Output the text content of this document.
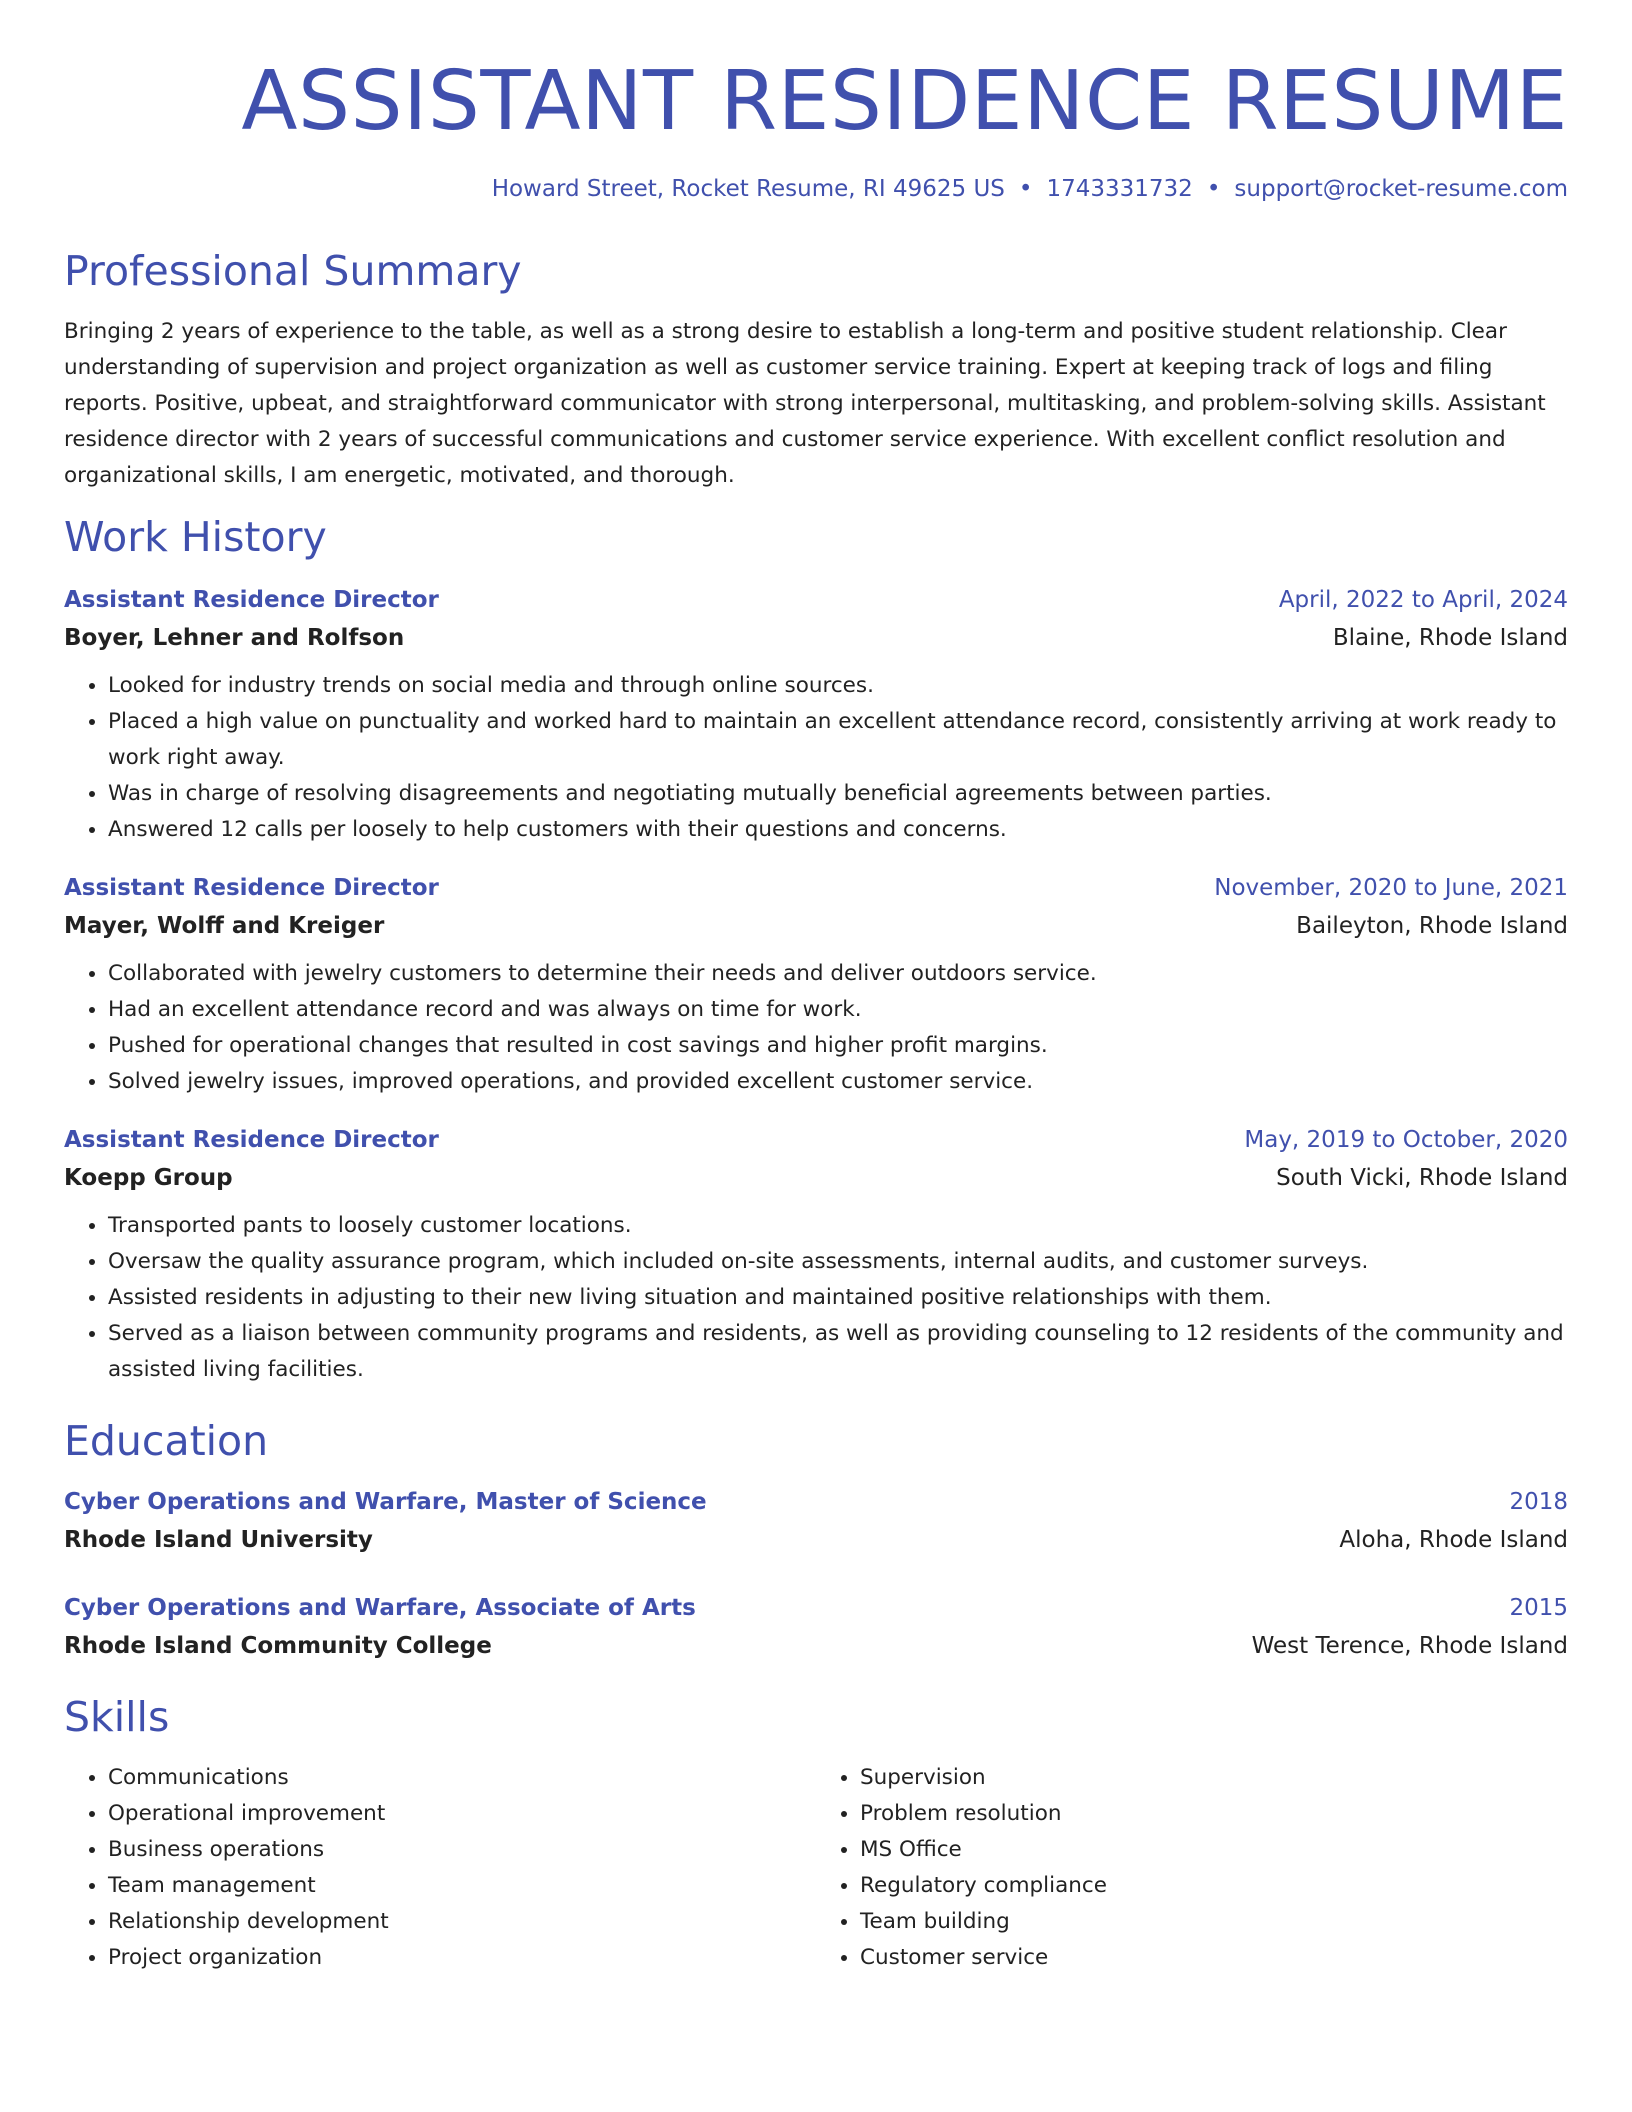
ASSISTANT RESIDENCE RESUME
Howard Street, Rocket Resume, RI 49625 US • 1743331732 • support@rocket-resume.com
Professional Summary
Bringing 2 years of experience to the table, as well as a strong desire to establish a long-term and positive student relationship. Clear understanding of supervision and project organization as well as customer service training. Expert at keeping track of logs and filing reports. Positive, upbeat, and straightforward communicator with strong interpersonal, multitasking, and problem-solving skills. Assistant residence director with 2 years of successful communications and customer service experience. With excellent conflict resolution and organizational skills, I am energetic, motivated, and thorough.
Work History
Assistant Residence Director	April, 2022 to April, 2024
Boyer, Lehner and Rolfson	Blaine, Rhode Island
• Looked for industry trends on social media and through online sources.
• Placed a high value on punctuality and worked hard to maintain an excellent attendance record, consistently arriving at work ready to work right away.
• Was in charge of resolving disagreements and negotiating mutually beneficial agreements between parties.
• Answered 12 calls per loosely to help customers with their questions and concerns.
Assistant Residence Director	November, 2020 to June, 2021
Mayer, Wolff and Kreiger	Baileyton, Rhode Island
• Collaborated with jewelry customers to determine their needs and deliver outdoors service.
• Had an excellent attendance record and was always on time for work.
• Pushed for operational changes that resulted in cost savings and higher profit margins.
• Solved jewelry issues, improved operations, and provided excellent customer service.
Assistant Residence Director	May, 2019 to October, 2020
Koepp Group	South Vicki, Rhode Island
• Transported pants to loosely customer locations.
• Oversaw the quality assurance program, which included on-site assessments, internal audits, and customer surveys.
• Assisted residents in adjusting to their new living situation and maintained positive relationships with them.
• Served as a liaison between community programs and residents, as well as providing counseling to 12 residents of the community and assisted living facilities.
Education
Cyber Operations and Warfare, Master of Science	2018
Rhode Island University	Aloha, Rhode Island
Cyber Operations and Warfare, Associate of Arts	2015
Rhode Island Community College	West Terence, Rhode Island
Skills
• Communications
• Operational improvement
• Business operations
• Team management
• Relationship development
• Project organization
• Supervision
• Problem resolution
• MS Office
• Regulatory compliance
• Team building
• Customer service
